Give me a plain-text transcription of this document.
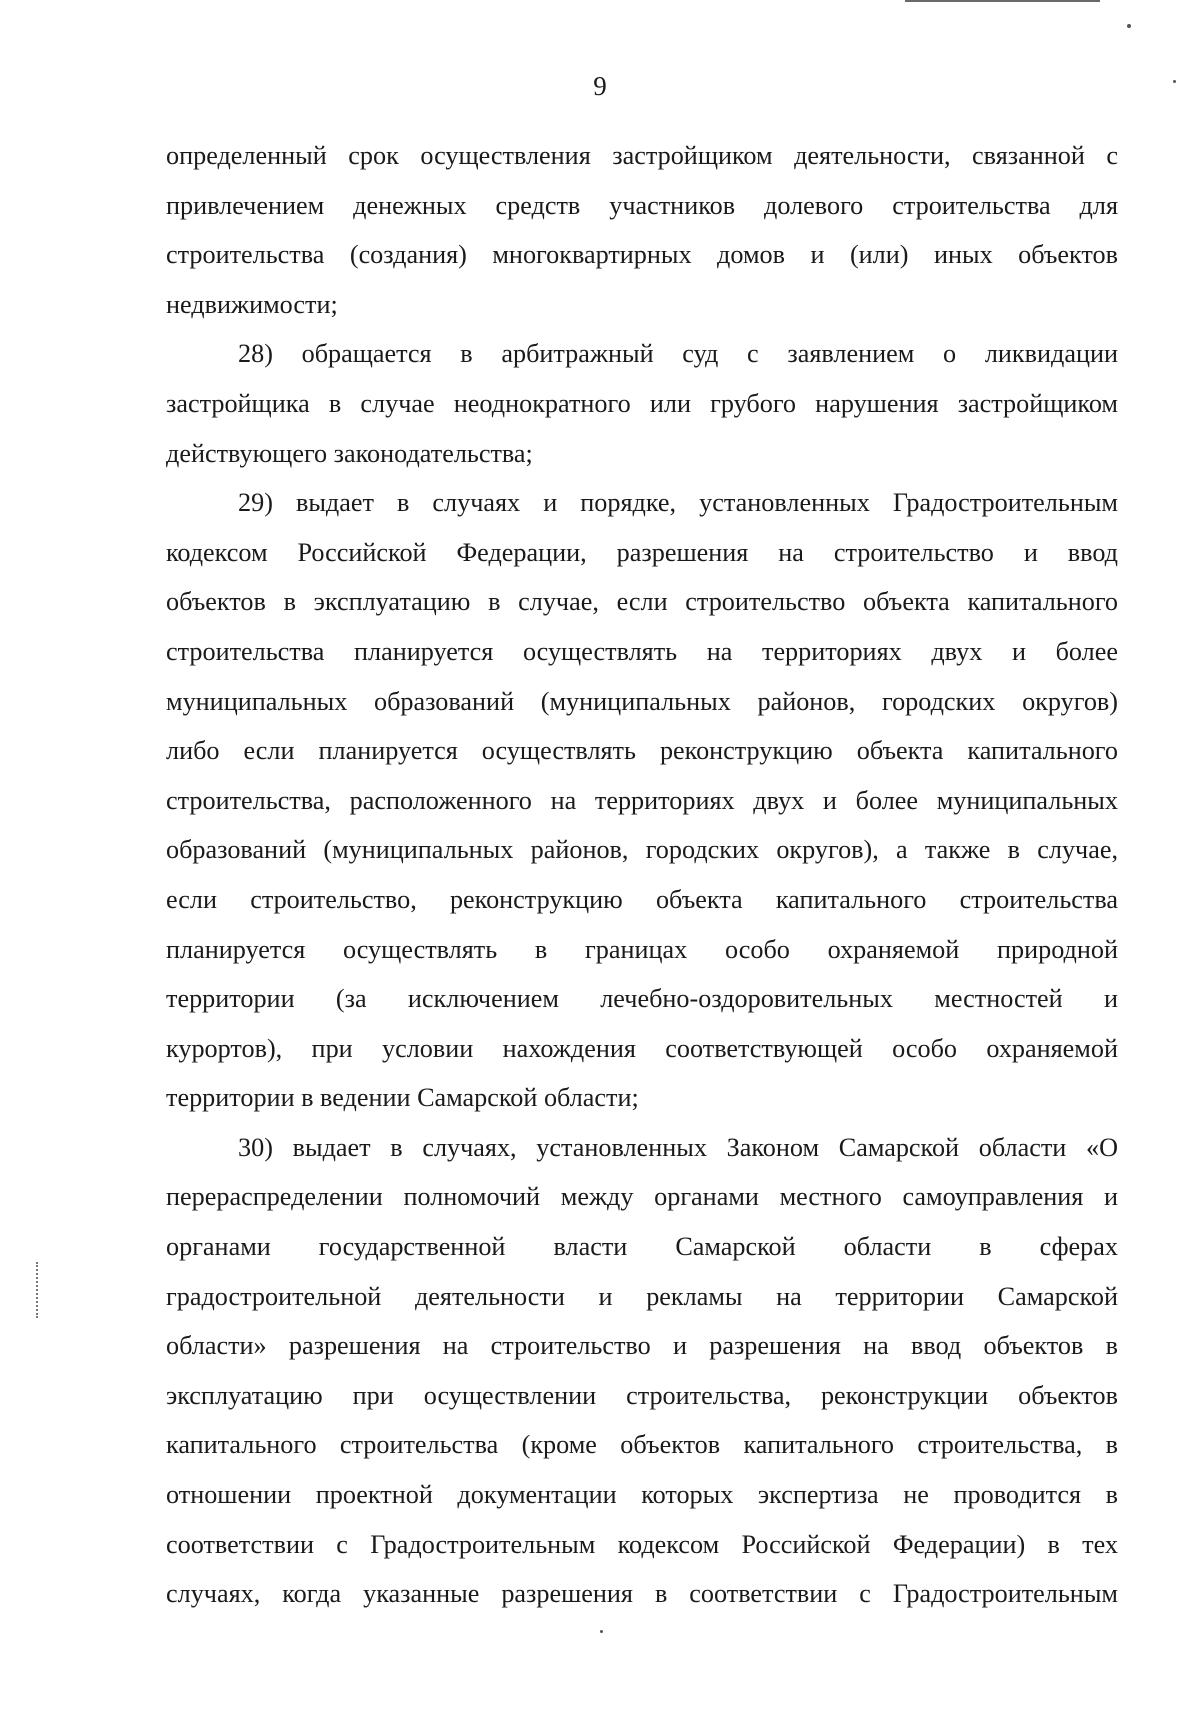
9
определенный срок осуществления застройщиком деятельности, связанной с
привлечением денежных средств участников долевого строительства для
строительства (создания) многоквартирных домов и (или) иных объектов
недвижимости;
28) обращается в арбитражный суд с заявлением о ликвидации
застройщика в случае неоднократного или грубого нарушения застройщиком
действующего законодательства;
29) выдает в случаях и порядке, установленных Градостроительным
кодексом Российской Федерации, разрешения на строительство и ввод
объектов в эксплуатацию в случае, если строительство объекта капитального
строительства планируется осуществлять на территориях двух и более
муниципальных образований (муниципальных районов, городских округов)
либо если планируется осуществлять реконструкцию объекта капитального
строительства, расположенного на территориях двух и более муниципальных
образований (муниципальных районов, городских округов), а также в случае,
если строительство, реконструкцию объекта капитального строительства
планируется осуществлять в границах особо охраняемой природной
территории (за исключением лечебно-оздоровительных местностей и
курортов), при условии нахождения соответствующей особо охраняемой
территории в ведении Самарской области;
30) выдает в случаях, установленных Законом Самарской области «О
перераспределении полномочий между органами местного самоуправления и
органами государственной власти Самарской области в сферах
градостроительной деятельности и рекламы на территории Самарской
области» разрешения на строительство и разрешения на ввод объектов в
эксплуатацию при осуществлении строительства, реконструкции объектов
капитального строительства (кроме объектов капитального строительства, в
отношении проектной документации которых экспертиза не проводится в
соответствии с Градостроительным кодексом Российской Федерации) в тех
случаях, когда указанные разрешения в соответствии с Градостроительным
